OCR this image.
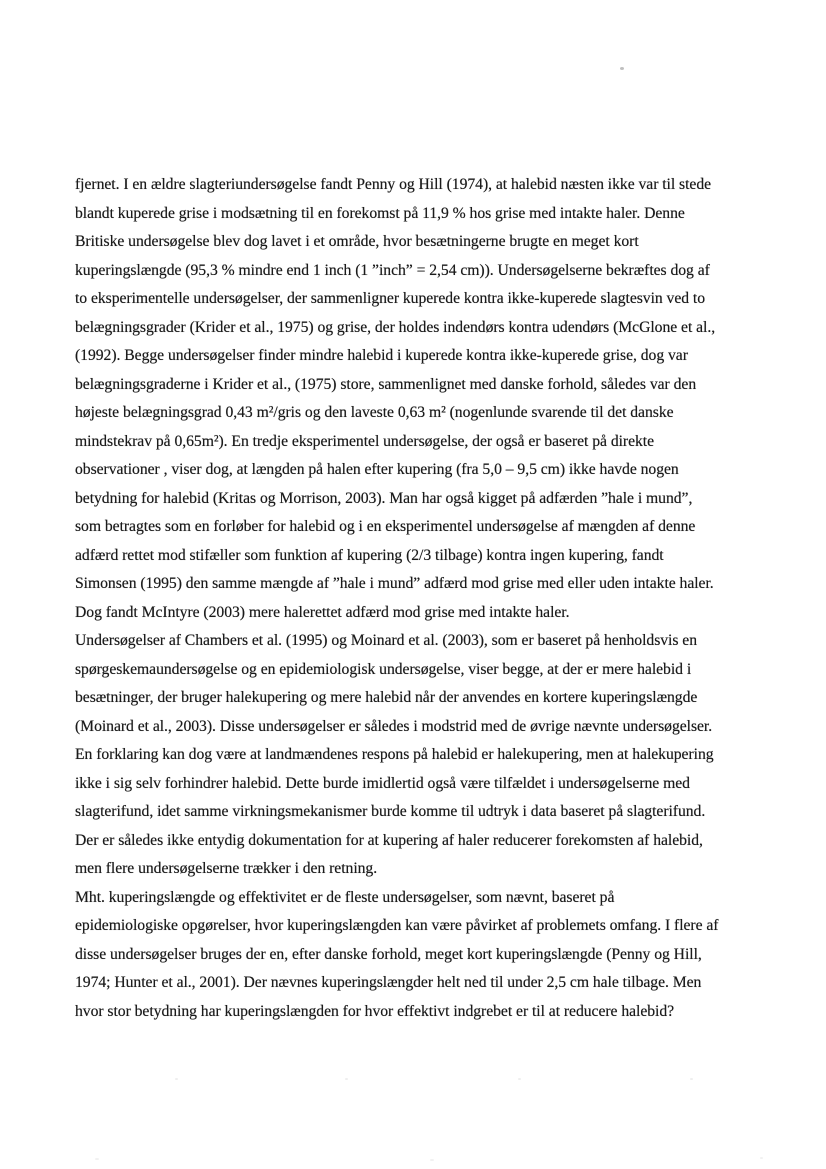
fjernet. I en ældre slagteriundersøgelse fandt Penny og Hill (1974), at halebid næsten ikke var til stede
blandt kuperede grise i modsætning til en forekomst på 11,9 % hos grise med intakte haler. Denne
Britiske undersøgelse blev dog lavet i et område, hvor besætningerne brugte en meget kort
kuperingslængde (95,3 % mindre end 1 inch (1 ”inch” = 2,54 cm)). Undersøgelserne bekræftes dog af
to eksperimentelle undersøgelser, der sammenligner kuperede kontra ikke-kuperede slagtesvin ved to
belægningsgrader (Krider et al., 1975) og grise, der holdes indendørs kontra udendørs (McGlone et al.,
(1992). Begge undersøgelser finder mindre halebid i kuperede kontra ikke-kuperede grise, dog var
belægningsgraderne i Krider et al., (1975) store, sammenlignet med danske forhold, således var den
højeste belægningsgrad 0,43 m²/gris og den laveste 0,63 m² (nogenlunde svarende til det danske
mindstekrav på 0,65m²). En tredje eksperimentel undersøgelse, der også er baseret på direkte
observationer , viser dog, at længden på halen efter kupering (fra 5,0 – 9,5 cm) ikke havde nogen
betydning for halebid (Kritas og Morrison, 2003). Man har også kigget på adfærden ”hale i mund”,
som betragtes som en forløber for halebid og i en eksperimentel undersøgelse af mængden af denne
adfærd rettet mod stifæller som funktion af kupering (2/3 tilbage) kontra ingen kupering, fandt
Simonsen (1995) den samme mængde af ”hale i mund” adfærd mod grise med eller uden intakte haler.
Dog fandt McIntyre (2003) mere halerettet adfærd mod grise med intakte haler.
Undersøgelser af Chambers et al. (1995) og Moinard et al. (2003), som er baseret på henholdsvis en
spørgeskemaundersøgelse og en epidemiologisk undersøgelse, viser begge, at der er mere halebid i
besætninger, der bruger halekupering og mere halebid når der anvendes en kortere kuperingslængde
(Moinard et al., 2003). Disse undersøgelser er således i modstrid med de øvrige nævnte undersøgelser.
En forklaring kan dog være at landmændenes respons på halebid er halekupering, men at halekupering
ikke i sig selv forhindrer halebid. Dette burde imidlertid også være tilfældet i undersøgelserne med
slagterifund, idet samme virkningsmekanismer burde komme til udtryk i data baseret på slagterifund.
Der er således ikke entydig dokumentation for at kupering af haler reducerer forekomsten af halebid,
men flere undersøgelserne trækker i den retning.
Mht. kuperingslængde og effektivitet er de fleste undersøgelser, som nævnt, baseret på
epidemiologiske opgørelser, hvor kuperingslængden kan være påvirket af problemets omfang. I flere af
disse undersøgelser bruges der en, efter danske forhold, meget kort kuperingslængde (Penny og Hill,
1974; Hunter et al., 2001). Der nævnes kuperingslængder helt ned til under 2,5 cm hale tilbage. Men
hvor stor betydning har kuperingslængden for hvor effektivt indgrebet er til at reducere halebid?
